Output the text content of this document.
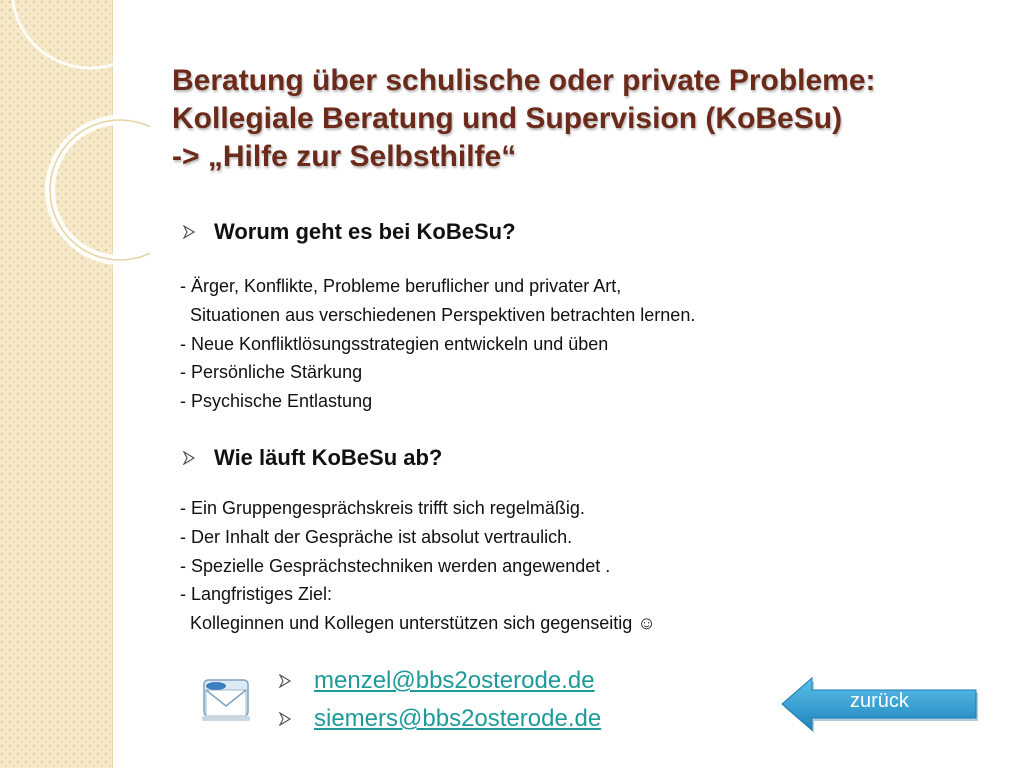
Beratung über schulische oder private Probleme:
Kollegiale Beratung und Supervision (KoBeSu)
-> „Hilfe zur Selbsthilfe“
Worum geht es bei KoBeSu?
- Ärger, Konflikte, Probleme beruflicher und privater Art,
Situationen aus verschiedenen Perspektiven betrachten lernen.
- Neue Konfliktlösungsstrategien entwickeln und üben
- Persönliche Stärkung
- Psychische Entlastung
Wie läuft KoBeSu ab?
- Ein Gruppengesprächskreis trifft sich regelmäßig.
- Der Inhalt der Gespräche ist absolut vertraulich.
- Spezielle Gesprächstechniken werden angewendet .
- Langfristiges Ziel:
Kolleginnen und Kollegen unterstützen sich gegenseitig ☺
menzel@bbs2osterode.de
siemers@bbs2osterode.de
zurück
